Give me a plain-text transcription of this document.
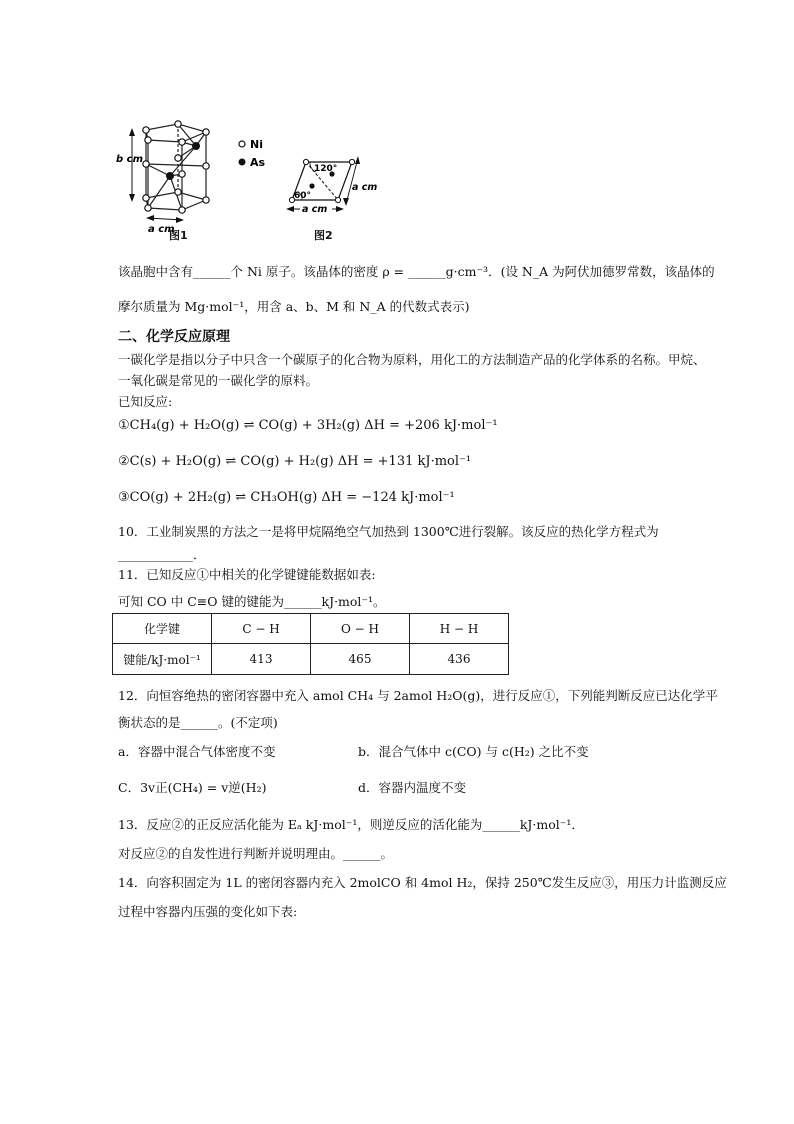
b cm
a cm
Ni
As
图1
120°
60°
a cm
a cm
图2
该晶胞中含有______个 Ni 原子。该晶体的密度 ρ = ______g·cm⁻³．(设 N_A 为阿伏加德罗常数，该晶体的
摩尔质量为 Mg·mol⁻¹，用含 a、b、M 和 N_A 的代数式表示)
二、化学反应原理
一碳化学是指以分子中只含一个碳原子的化合物为原料，用化工的方法制造产品的化学体系的名称。甲烷、
一氧化碳是常见的一碳化学的原料。
已知反应:
①CH₄(g) + H₂O(g) ⇌ CO(g) + 3H₂(g) ΔH = +206 kJ·mol⁻¹
②C(s) + H₂O(g) ⇌ CO(g) + H₂(g) ΔH = +131 kJ·mol⁻¹
③CO(g) + 2H₂(g) ⇌ CH₃OH(g) ΔH = −124 kJ·mol⁻¹
10．工业制炭黑的方法之一是将甲烷隔绝空气加热到 1300℃进行裂解。该反应的热化学方程式为
____________．
11．已知反应①中相关的化学键键能数据如表:
可知 CO 中 C≡O 键的键能为______kJ·mol⁻¹。
化学键	C − H	O − H	H − H
键能/kJ·mol⁻¹	413	465	436
12．向恒容绝热的密闭容器中充入 amol CH₄ 与 2amol H₂O(g)，进行反应①，下列能判断反应已达化学平
衡状态的是______。(不定项)
a．容器中混合气体密度不变	b．混合气体中 c(CO) 与 c(H₂) 之比不变
C．3v正(CH₄) = v逆(H₂)	d．容器内温度不变
13．反应②的正反应活化能为 Eₐ kJ·mol⁻¹，则逆反应的活化能为______kJ·mol⁻¹．
对反应②的自发性进行判断并说明理由。______。
14．向容积固定为 1L 的密闭容器内充入 2molCO 和 4mol H₂，保持 250℃发生反应③，用压力计监测反应
过程中容器内压强的变化如下表:
